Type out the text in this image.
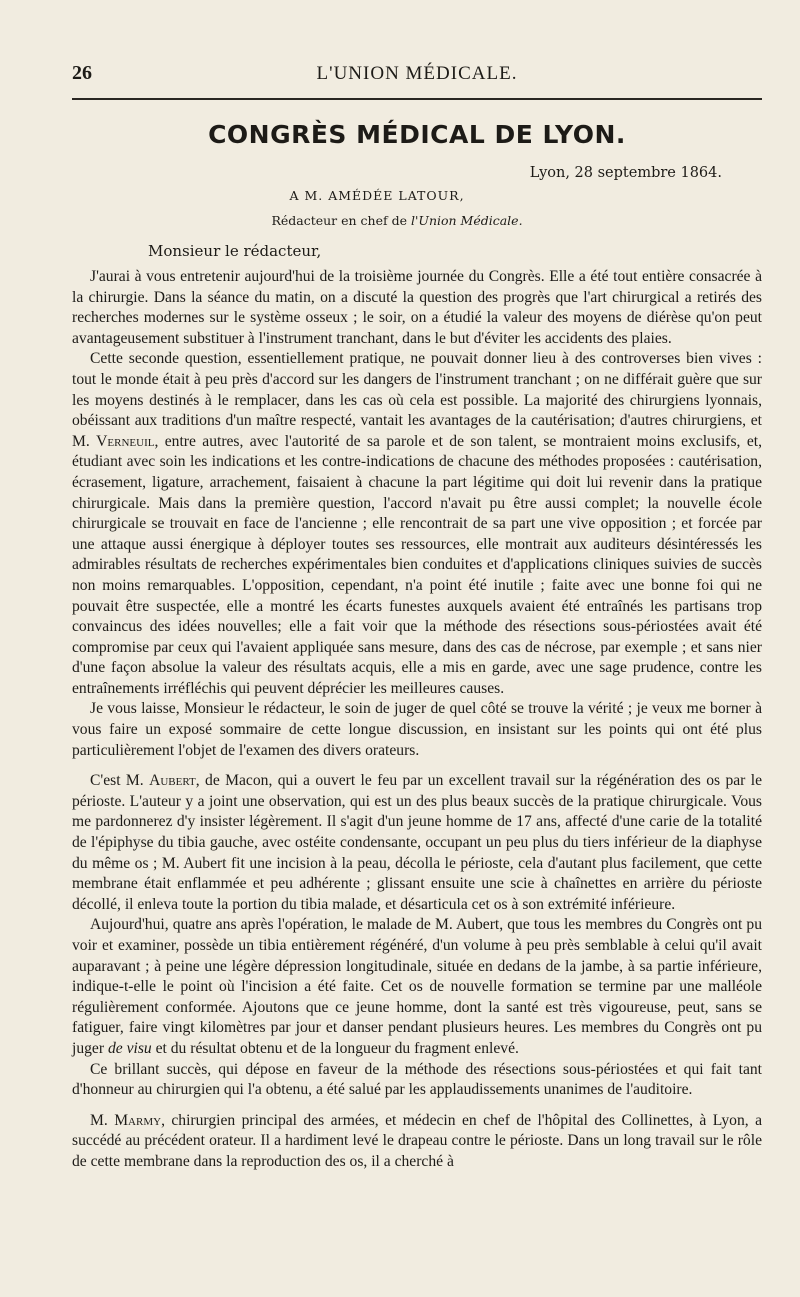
26	L'UNION MÉDICALE.
CONGRÈS MÉDICAL DE LYON.
Lyon, 28 septembre 1864.
A M. AMÉDÉE LATOUR,
Rédacteur en chef de l'Union Médicale.
Monsieur le rédacteur,

J'aurai à vous entretenir aujourd'hui de la troisième journée du Congrès. Elle a été tout entière consacrée à la chirurgie. Dans la séance du matin, on a discuté la question des progrès que l'art chirurgical a retirés des recherches modernes sur le système osseux ; le soir, on a étudié la valeur des moyens de diérèse qu'on peut avantageusement substituer à l'instrument tranchant, dans le but d'éviter les accidents des plaies.

Cette seconde question, essentiellement pratique, ne pouvait donner lieu à des controverses bien vives : tout le monde était à peu près d'accord sur les dangers de l'instrument tranchant ; on ne différait guère que sur les moyens destinés à le remplacer, dans les cas où cela est possible. La majorité des chirurgiens lyonnais, obéissant aux traditions d'un maître respecté, vantait les avantages de la cautérisation; d'autres chirurgiens, et M. Verneuil, entre autres, avec l'autorité de sa parole et de son talent, se montraient moins exclusifs, et, étudiant avec soin les indications et les contre-indications de chacune des méthodes proposées : cautérisation, écrasement, ligature, arrachement, faisaient à chacune la part légitime qui doit lui revenir dans la pratique chirurgicale. Mais dans la première question, l'accord n'avait pu être aussi complet; la nouvelle école chirurgicale se trouvait en face de l'ancienne ; elle rencontrait de sa part une vive opposition ; et forcée par une attaque aussi énergique à déployer toutes ses ressources, elle montrait aux auditeurs désintéressés les admirables résultats de recherches expérimentales bien conduites et d'applications cliniques suivies de succès non moins remarquables. L'opposition, cependant, n'a point été inutile ; faite avec une bonne foi qui ne pouvait être suspectée, elle a montré les écarts funestes auxquels avaient été entraînés les partisans trop convaincus des idées nouvelles; elle a fait voir que la méthode des résections sous-périostées avait été compromise par ceux qui l'avaient appliquée sans mesure, dans des cas de nécrose, par exemple ; et sans nier d'une façon absolue la valeur des résultats acquis, elle a mis en garde, avec une sage prudence, contre les entraînements irréfléchis qui peuvent déprécier les meilleures causes.

Je vous laisse, Monsieur le rédacteur, le soin de juger de quel côté se trouve la vérité ; je veux me borner à vous faire un exposé sommaire de cette longue discussion, en insistant sur les points qui ont été plus particulièrement l'objet de l'examen des divers orateurs.

C'est M. Aubert, de Macon, qui a ouvert le feu par un excellent travail sur la régénération des os par le périoste. L'auteur y a joint une observation, qui est un des plus beaux succès de la pratique chirurgicale. Vous me pardonnerez d'y insister légèrement. Il s'agit d'un jeune homme de 17 ans, affecté d'une carie de la totalité de l'épiphyse du tibia gauche, avec ostéite condensante, occupant un peu plus du tiers inférieur de la diaphyse du même os ; M. Aubert fit une incision à la peau, décolla le périoste, cela d'autant plus facilement, que cette membrane était enflammée et peu adhérente ; glissant ensuite une scie à chaînettes en arrière du périoste décollé, il enleva toute la portion du tibia malade, et désarticula cet os à son extrémité inférieure.

Aujourd'hui, quatre ans après l'opération, le malade de M. Aubert, que tous les membres du Congrès ont pu voir et examiner, possède un tibia entièrement régénéré, d'un volume à peu près semblable à celui qu'il avait auparavant ; à peine une légère dépression longitudinale, située en dedans de la jambe, à sa partie inférieure, indique-t-elle le point où l'incision a été faite. Cet os de nouvelle formation se termine par une malléole régulièrement conformée. Ajoutons que ce jeune homme, dont la santé est très vigoureuse, peut, sans se fatiguer, faire vingt kilomètres par jour et danser pendant plusieurs heures. Les membres du Congrès ont pu juger de visu et du résultat obtenu et de la longueur du fragment enlevé.

Ce brillant succès, qui dépose en faveur de la méthode des résections sous-périostées et qui fait tant d'honneur au chirurgien qui l'a obtenu, a été salué par les applaudissements unanimes de l'auditoire.

M. Marmy, chirurgien principal des armées, et médecin en chef de l'hôpital des Collinettes, à Lyon, a succédé au précédent orateur. Il a hardiment levé le drapeau contre le périoste. Dans un long travail sur le rôle de cette membrane dans la reproduction des os, il a cherché à
